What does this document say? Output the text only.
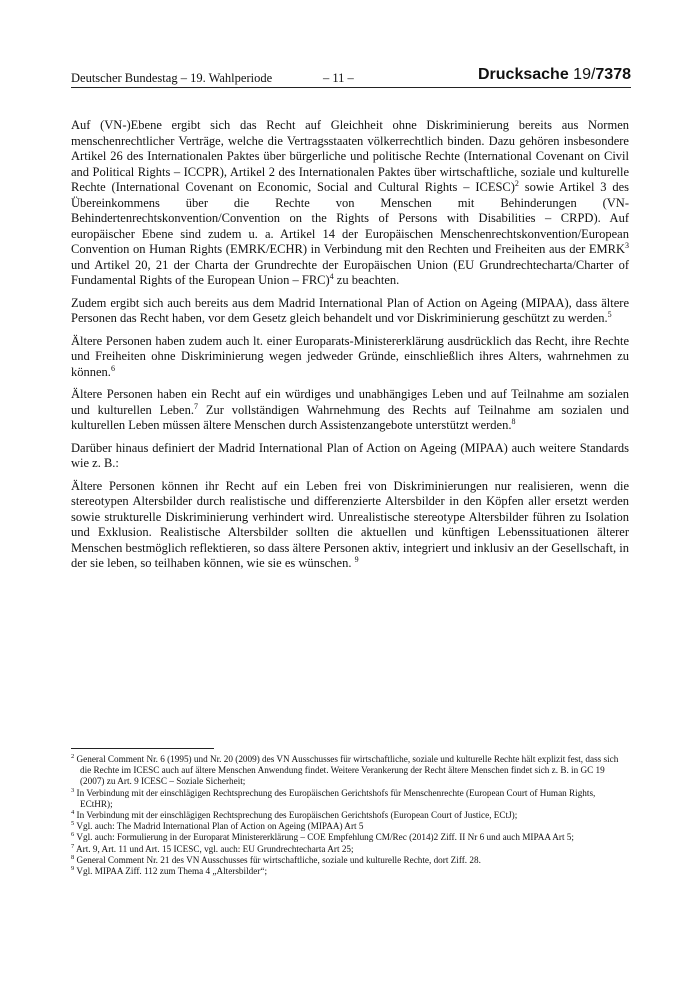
Deutscher Bundestag – 19. Wahlperiode	– 11 –	Drucksache 19/7378

Auf (VN-)Ebene ergibt sich das Recht auf Gleichheit ohne Diskriminierung bereits aus Normen menschenrechtlicher Verträge, welche die Vertragsstaaten völkerrechtlich binden. Dazu gehören insbesondere Artikel 26 des Internationalen Paktes über bürgerliche und politische Rechte (International Covenant on Civil and Political Rights – ICCPR), Artikel 2 des Internationalen Paktes über wirtschaftliche, soziale und kulturelle Rechte (International Covenant on Economic, Social and Cultural Rights – ICESC)$^2$ sowie Artikel 3 des Übereinkommens über die Rechte von Menschen mit Behinderungen (VN-Behindertenrechtskonvention/Convention on the Rights of Persons with Disabilities – CRPD). Auf europäischer Ebene sind zudem u. a. Artikel 14 der Europäischen Menschenrechtskonvention/European Convention on Human Rights (EMRK/ECHR) in Verbindung mit den Rechten und Freiheiten aus der EMRK$^3$ und Artikel 20, 21 der Charta der Grundrechte der Europäischen Union (EU Grundrechtecharta/Charter of Fundamental Rights of the European Union – FRC)$^4$ zu beachten.

Zudem ergibt sich auch bereits aus dem Madrid International Plan of Action on Ageing (MIPAA), dass ältere Personen das Recht haben, vor dem Gesetz gleich behandelt und vor Diskriminierung geschützt zu werden.$^5$

Ältere Personen haben zudem auch lt. einer Europarats-Ministererklärung ausdrücklich das Recht, ihre Rechte und Freiheiten ohne Diskriminierung wegen jedweder Gründe, einschließlich ihres Alters, wahrnehmen zu können.$^6$

Ältere Personen haben ein Recht auf ein würdiges und unabhängiges Leben und auf Teilnahme am sozialen und kulturellen Leben.$^7$ Zur vollständigen Wahrnehmung des Rechts auf Teilnahme am sozialen und kulturellen Leben müssen ältere Menschen durch Assistenzangebote unterstützt werden.$^8$

Darüber hinaus definiert der Madrid International Plan of Action on Ageing (MIPAA) auch weitere Standards wie z. B.:

Ältere Personen können ihr Recht auf ein Leben frei von Diskriminierungen nur realisieren, wenn die stereotypen Altersbilder durch realistische und differenzierte Altersbilder in den Köpfen aller ersetzt werden sowie strukturelle Diskriminierung verhindert wird. Unrealistische stereotype Altersbilder führen zu Isolation und Exklusion. Realistische Altersbilder sollten die aktuellen und künftigen Lebenssituationen älterer Menschen bestmöglich reflektieren, so dass ältere Personen aktiv, integriert und inklusiv an der Gesellschaft, in der sie leben, so teilhaben können, wie sie es wünschen. $^9$

$^2$ General Comment Nr. 6 (1995) und Nr. 20 (2009) des VN Ausschusses für wirtschaftliche, soziale und kulturelle Rechte hält explizit fest, dass sich die Rechte im ICESC auch auf ältere Menschen Anwendung findet. Weitere Verankerung der Recht ältere Menschen findet sich z. B. in GC 19 (2007) zu Art. 9 ICESC – Soziale Sicherheit;

$^3$ In Verbindung mit der einschlägigen Rechtsprechung des Europäischen Gerichtshofs für Menschenrechte (European Court of Human Rights, ECtHR);

$^4$ In Verbindung mit der einschlägigen Rechtsprechung des Europäischen Gerichtshofs (European Court of Justice, ECtJ);

$^5$ Vgl. auch: The Madrid International Plan of Action on Ageing (MIPAA) Art 5

$^6$ Vgl. auch: Formulierung in der Europarat Ministererklärung – COE Empfehlung CM/Rec (2014)2 Ziff. II Nr 6 und auch MIPAA Art 5;

$^7$ Art. 9, Art. 11 und Art. 15 ICESC, vgl. auch: EU Grundrechtecharta Art 25;

$^8$ General Comment Nr. 21 des VN Ausschusses für wirtschaftliche, soziale und kulturelle Rechte, dort Ziff. 28.

$^9$ Vgl. MIPAA Ziff. 112 zum Thema 4 „Altersbilder“;
